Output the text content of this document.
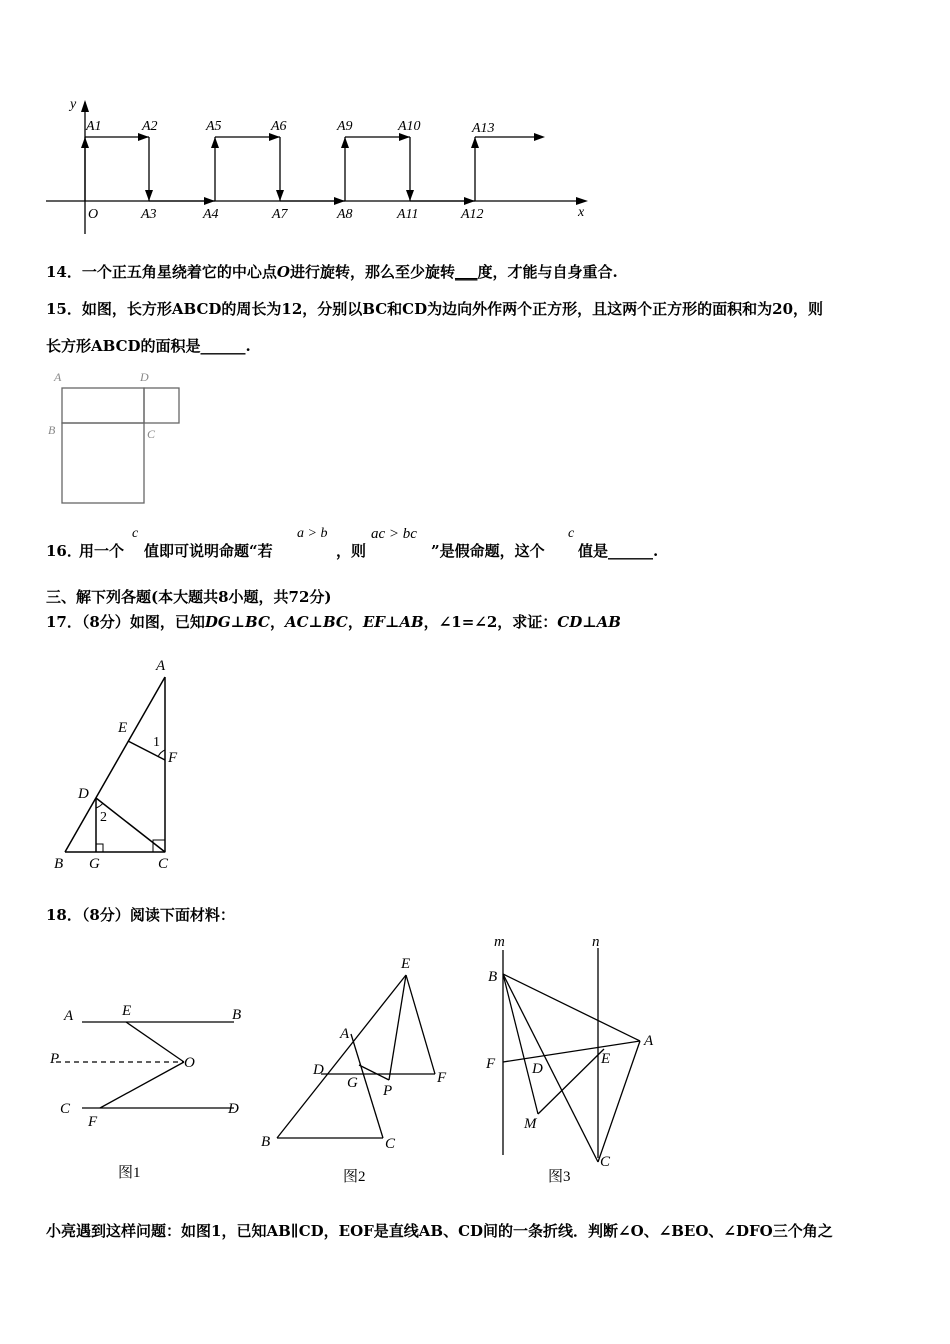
y
x
O
A1	A2	A5	A6	A9	A10	A13
A3	A4	A7	A8	A11	A12
14．一个正五角星绕着它的中心点O进行旋转，那么至少旋转___度，才能与自身重合.
15．如图，长方形ABCD的周长为12，分别以BC和CD为边向外作两个正方形，且这两个正方形的面积和为20，则
长方形ABCD的面积是______.
A	D
B	C
16．
用一个
c
值即可说明命题“若
a > b
，则
ac > bc
”是假命题，这个
c
值是______.
三、解下列各题(本大题共8小题，共72分)
17．（8分）如图，已知DG⊥BC，AC⊥BC，EF⊥AB，∠1=∠2，求证：CD⊥AB
A
E
1
F
D
2
B G	C
18．（8分）阅读下面材料：
A	E	B
P	O
C
F
D
图1
E
A
D
G P
F
B	C
图2
m	n
B
A
F D
E
M
C
图3
小亮遇到这样问题：如图1，已知AB∥CD，EOF是直线AB、CD间的一条折线．判断∠O、∠BEO、∠DFO三个角之
